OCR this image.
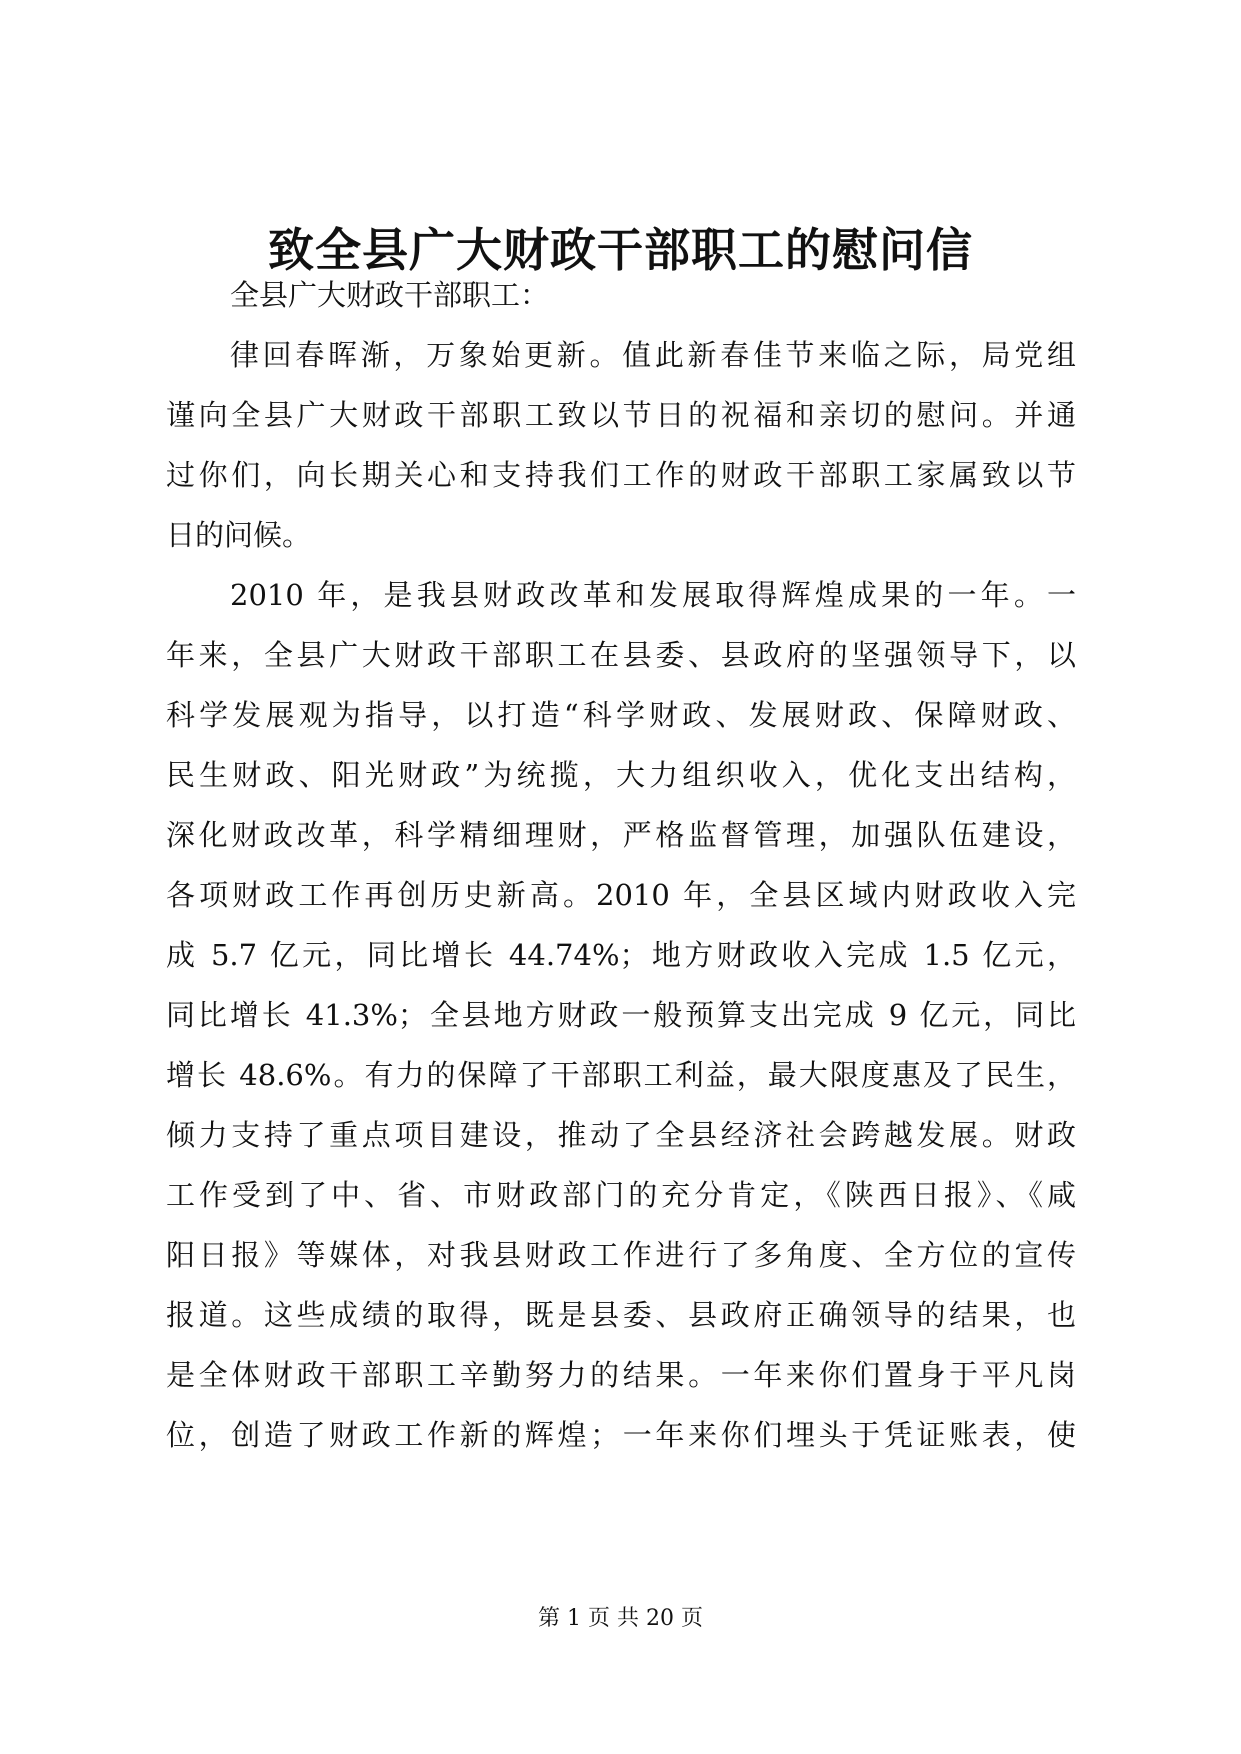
致全县广大财政干部职工的慰问信

全县广大财政干部职工：

律回春晖渐，万象始更新。值此新春佳节来临之际，局党组

谨向全县广大财政干部职工致以节日的祝福和亲切的慰问。并通

过你们，向长期关心和支持我们工作的财政干部职工家属致以节

日的问候。

2010 年，是我县财政改革和发展取得辉煌成果的一年。一

年来，全县广大财政干部职工在县委、县政府的坚强领导下，以

科学发展观为指导，以打造“科学财政、发展财政、保障财政、

民生财政、阳光财政”为统揽，大力组织收入，优化支出结构，

深化财政改革，科学精细理财，严格监督管理，加强队伍建设，

各项财政工作再创历史新高。2010 年，全县区域内财政收入完

成 5.7 亿元，同比增长 44.74%；地方财政收入完成 1.5 亿元，

同比增长 41.3%；全县地方财政一般预算支出完成 9 亿元，同比

增长 48.6%。有力的保障了干部职工利益，最大限度惠及了民生，

倾力支持了重点项目建设，推动了全县经济社会跨越发展。财政

工作受到了中、省、市财政部门的充分肯定，《陕西日报》、《咸

阳日报》等媒体，对我县财政工作进行了多角度、全方位的宣传

报道。这些成绩的取得，既是县委、县政府正确领导的结果，也

是全体财政干部职工辛勤努力的结果。一年来你们置身于平凡岗

位，创造了财政工作新的辉煌；一年来你们埋头于凭证账表，使

第 1 页 共 20 页
